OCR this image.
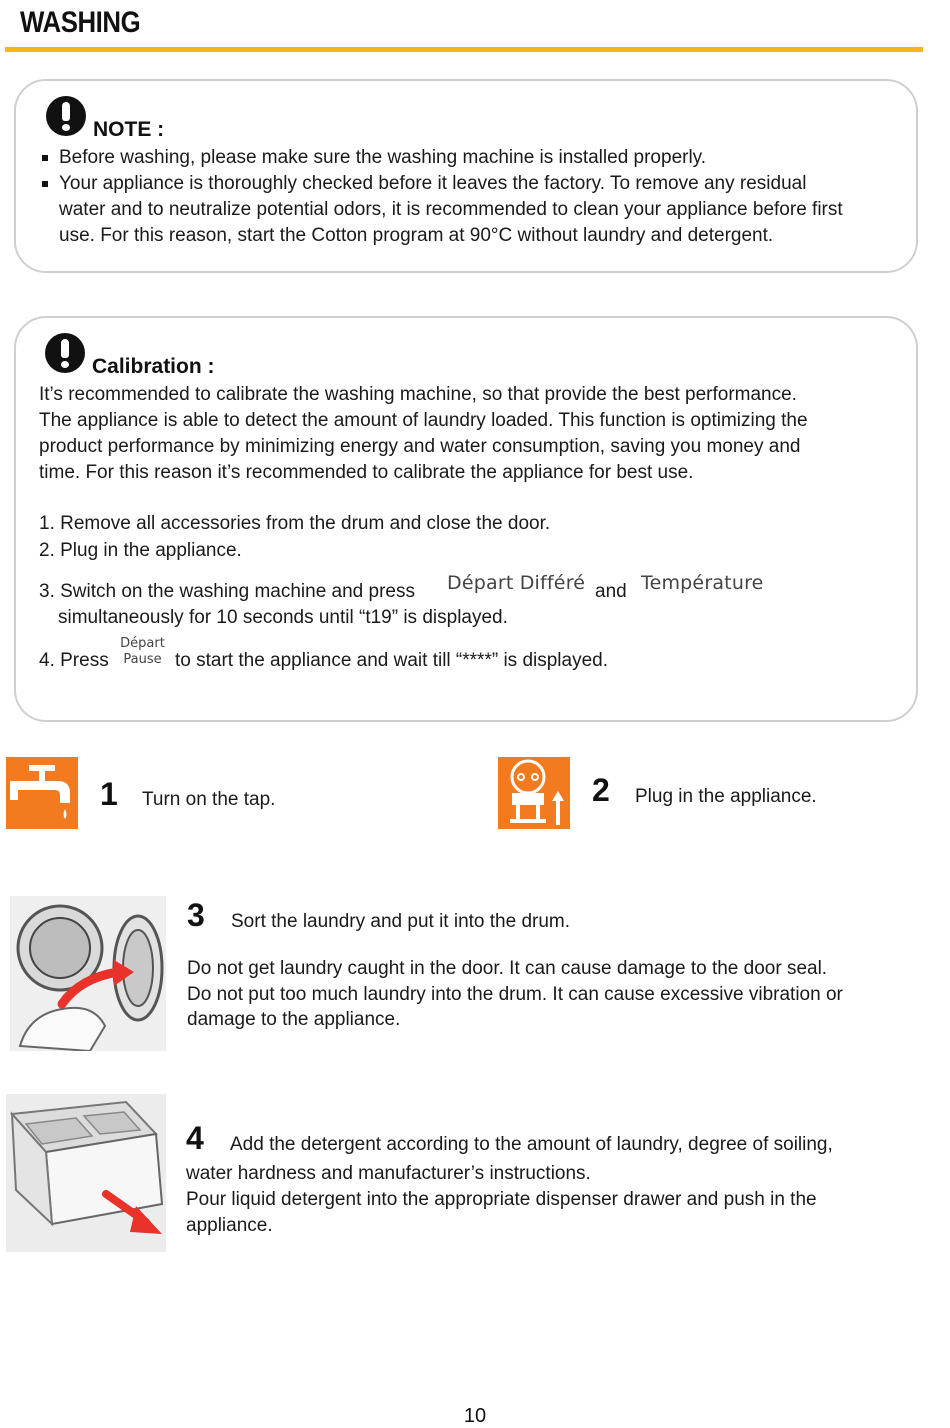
WASHING
NOTE :
Before washing, please make sure the washing machine is installed properly.
Your appliance is thoroughly checked before it leaves the factory. To remove any residual
water and to neutralize potential odors, it is recommended to clean your appliance before first
use. For this reason, start the Cotton program at 90°C without laundry and detergent.
Calibration :
It’s recommended to calibrate the washing machine, so that provide the best performance.
The appliance is able to detect the amount of laundry loaded. This function is optimizing the
product performance by minimizing energy and water consumption, saving you money and
time. For this reason it’s recommended to calibrate the appliance for best use.
1. Remove all accessories from the drum and close the door.
2. Plug in the appliance.
3. Switch on the washing machine and press Départ Différé and Température
simultaneously for 10 seconds until “t19” is displayed.
4. Press
Départ
Pause to start the appliance and wait till “****” is displayed.
1 Turn on the tap.	2 Plug in the appliance.
3 Sort the laundry and put it into the drum.
Do not get laundry caught in the door. It can cause damage to the door seal.
Do not put too much laundry into the drum. It can cause excessive vibration or
damage to the appliance.
4 Add the detergent according to the amount of laundry, degree of soiling,
water hardness and manufacturer’s instructions.
Pour liquid detergent into the appropriate dispenser drawer and push in the
appliance.
10
